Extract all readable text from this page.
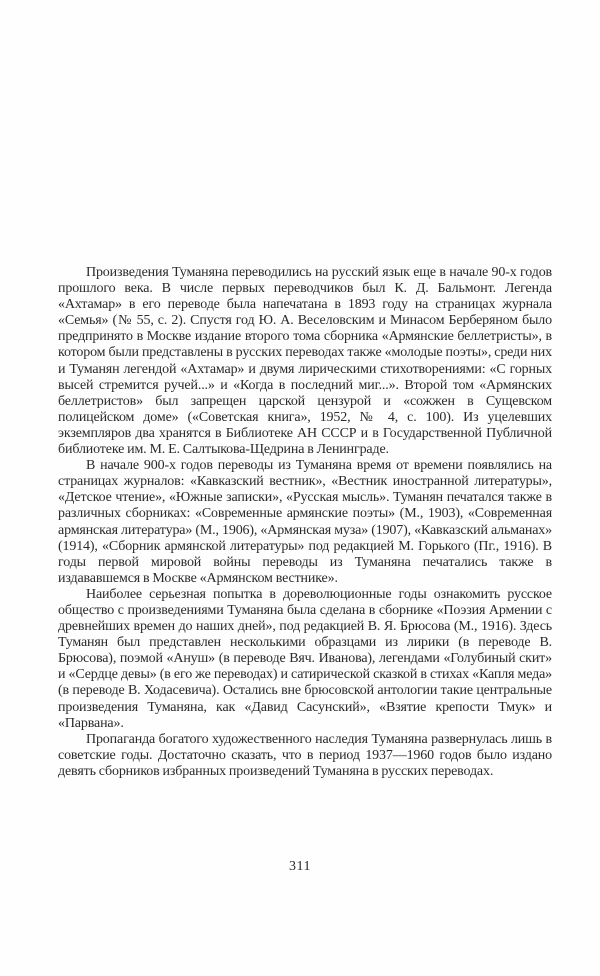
Произведения Туманяна переводились на русский язык еще в начале 90-х годов прошлого века. В числе первых переводчиков был К. Д. Бальмонт. Легенда «Ахтамар» в его переводе была напечатана в 1893 году на страницах журнала «Семья» (№ 55, с. 2). Спустя год Ю. А. Веселовским и Минасом Берберяном было предпринято в Москве издание второго тома сборника «Армянские беллетристы», в котором были представлены в русских переводах также «молодые поэты», среди них и Туманян легендой «Ахтамар» и двумя лирическими стихотворениями: «С горных высей стремится ручей...» и «Когда в последний миг...». Второй том «Армянских беллетристов» был запрещен царской цензурой и «сожжен в Сущевском полицейском доме» («Советская книга», 1952, № 4, с. 100). Из уцелевших экземпляров два хранятся в Библиотеке АН СССР и в Государственной Публичной библиотеке им. М. Е. Салтыкова-Щедрина в Ленинграде.

В начале 900-х годов переводы из Туманяна время от времени появлялись на страницах журналов: «Кавказский вестник», «Вестник иностранной литературы», «Детское чтение», «Южные записки», «Русская мысль». Туманян печатался также в различных сборниках: «Современные армянские поэты» (М., 1903), «Современная армянская литература» (М., 1906), «Армянская муза» (1907), «Кавказский альманах» (1914), «Сборник армянской литературы» под редакцией М. Горького (Пг., 1916). В годы первой мировой войны переводы из Туманяна печатались также в издававшемся в Москве «Армянском вестнике».

Наиболее серьезная попытка в дореволюционные годы ознакомить русское общество с произведениями Туманяна была сделана в сборнике «Поэзия Армении с древнейших времен до наших дней», под редакцией В. Я. Брюсова (М., 1916). Здесь Туманян был представлен несколькими образцами из лирики (в переводе В. Брюсова), поэмой «Ануш» (в переводе Вяч. Иванова), легендами «Голубиный скит» и «Сердце девы» (в его же переводах) и сатирической сказкой в стихах «Капля меда» (в переводе В. Ходасевича). Остались вне брюсовской антологии такие центральные произведения Туманяна, как «Давид Сасунский», «Взятие крепости Тмук» и «Парвана».

Пропаганда богатого художественного наследия Туманяна развернулась лишь в советские годы. Достаточно сказать, что в период 1937—1960 годов было издано девять сборников избранных произведений Туманяна в русских переводах.

311
